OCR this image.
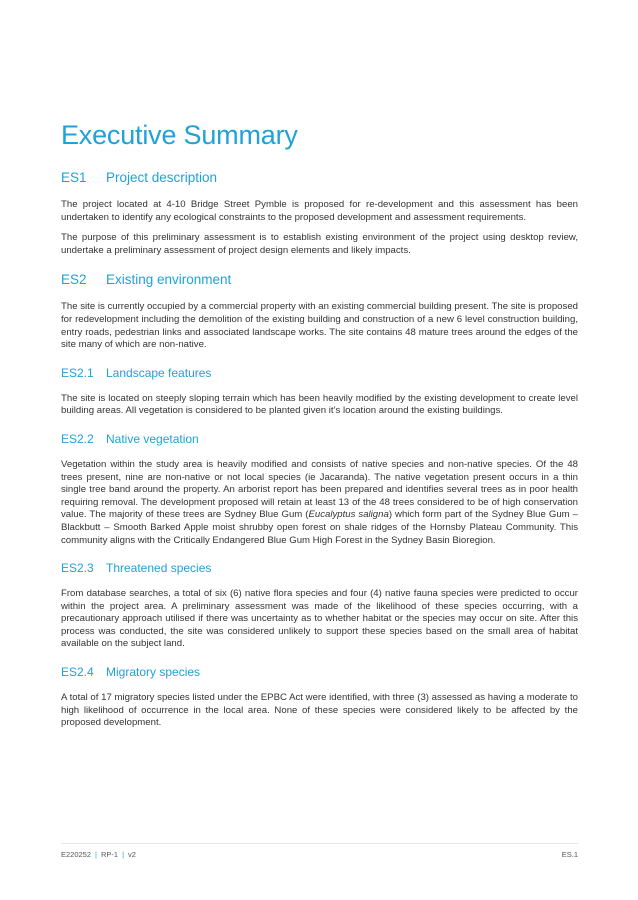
Executive Summary
ES1	Project description

The project located at 4-10 Bridge Street Pymble is proposed for re-development and this assessment has been undertaken to identify any ecological constraints to the proposed development and assessment requirements.

The purpose of this preliminary assessment is to establish existing environment of the project using desktop review, undertake a preliminary assessment of project design elements and likely impacts.

ES2	Existing environment

The site is currently occupied by a commercial property with an existing commercial building present. The site is proposed for redevelopment including the demolition of the existing building and construction of a new 6 level construction building, entry roads, pedestrian links and associated landscape works. The site contains 48 mature trees around the edges of the site many of which are non-native.

ES2.1	Landscape features

The site is located on steeply sloping terrain which has been heavily modified by the existing development to create level building areas. All vegetation is considered to be planted given it’s location around the existing buildings.

ES2.2	Native vegetation

Vegetation within the study area is heavily modified and consists of native species and non-native species. Of the 48 trees present, nine are non-native or not local species (ie Jacaranda). The native vegetation present occurs in a thin single tree band around the property. An arborist report has been prepared and identifies several trees as in poor health requiring removal. The development proposed will retain at least 13 of the 48 trees considered to be of high conservation value. The majority of these trees are Sydney Blue Gum (Eucalyptus saligna) which form part of the Sydney Blue Gum – Blackbutt – Smooth Barked Apple moist shrubby open forest on shale ridges of the Hornsby Plateau Community. This community aligns with the Critically Endangered Blue Gum High Forest in the Sydney Basin Bioregion.

ES2.3	Threatened species

From database searches, a total of six (6) native flora species and four (4) native fauna species were predicted to occur within the project area. A preliminary assessment was made of the likelihood of these species occurring, with a precautionary approach utilised if there was uncertainty as to whether habitat or the species may occur on site. After this process was conducted, the site was considered unlikely to support these species based on the small area of habitat available on the subject land.

ES2.4	Migratory species

A total of 17 migratory species listed under the EPBC Act were identified, with three (3) assessed as having a moderate to high likelihood of occurrence in the local area. None of these species were considered likely to be affected by the proposed development.

E220252 | RP-1 | v2	ES.1
